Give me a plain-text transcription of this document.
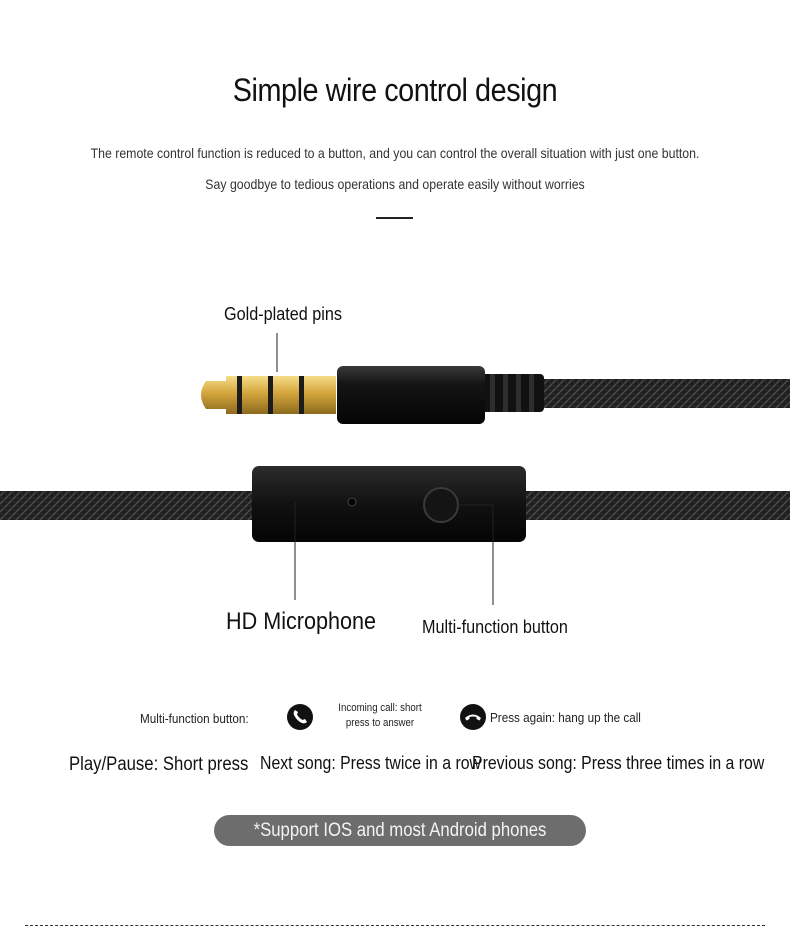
Simple wire control design
The remote control function is reduced to a button, and you can control the overall situation with just one button.
Say goodbye to tedious operations and operate easily without worries
Gold-plated pins
HD Microphone	Multi-function button
Multi-function button:
Incoming call: short press to answer	Press again: hang up the call
Play/Pause: Short press Next song: Press twice in a row
Previous song: Press three times in a row
*Support IOS and most Android phones
